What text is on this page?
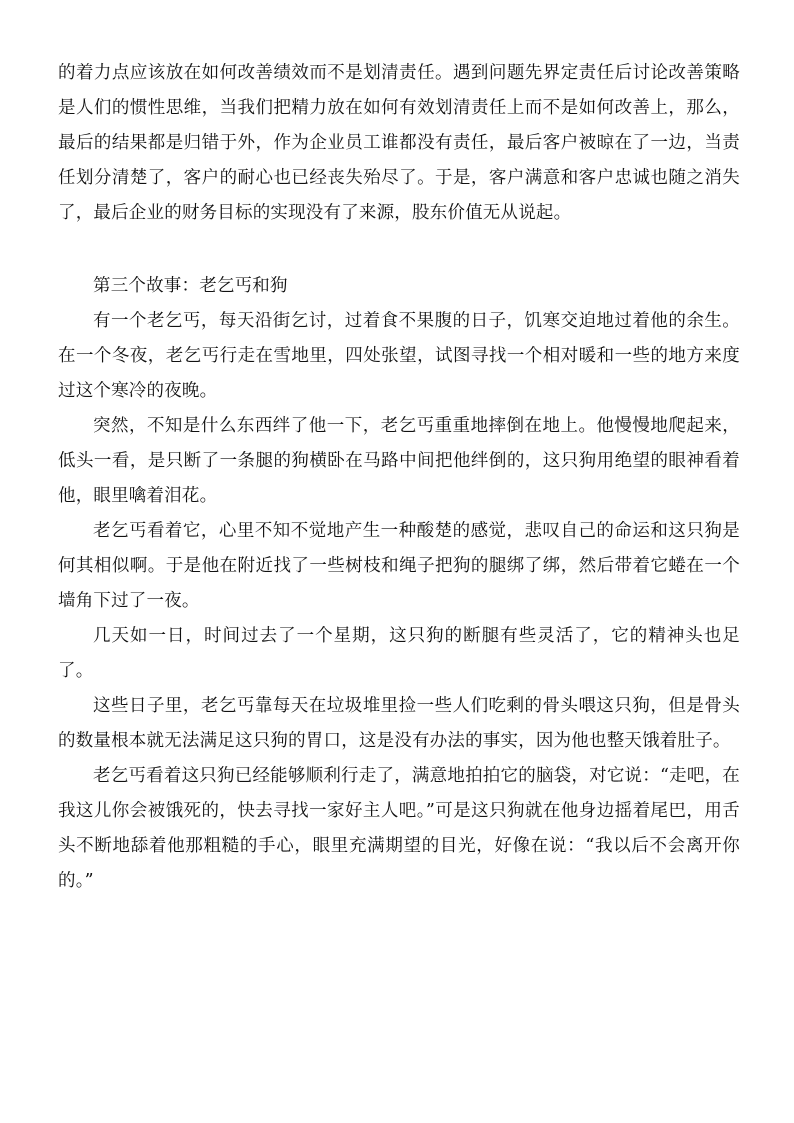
的着力点应该放在如何改善绩效而不是划清责任。遇到问题先界定责任后讨论改善策略是人们的惯性思维，当我们把精力放在如何有效划清责任上而不是如何改善上，那么，最后的结果都是归错于外，作为企业员工谁都没有责任，最后客户被晾在了一边，当责任划分清楚了，客户的耐心也已经丧失殆尽了。于是，客户满意和客户忠诚也随之消失了，最后企业的财务目标的实现没有了来源，股东价值无从说起。

第三个故事：老乞丐和狗

有一个老乞丐，每天沿街乞讨，过着食不果腹的日子，饥寒交迫地过着他的余生。在一个冬夜，老乞丐行走在雪地里，四处张望，试图寻找一个相对暖和一些的地方来度过这个寒冷的夜晚。

突然，不知是什么东西绊了他一下，老乞丐重重地摔倒在地上。他慢慢地爬起来，低头一看，是只断了一条腿的狗横卧在马路中间把他绊倒的，这只狗用绝望的眼神看着他，眼里噙着泪花。

老乞丐看着它，心里不知不觉地产生一种酸楚的感觉，悲叹自己的命运和这只狗是何其相似啊。于是他在附近找了一些树枝和绳子把狗的腿绑了绑，然后带着它蜷在一个墙角下过了一夜。

几天如一日，时间过去了一个星期，这只狗的断腿有些灵活了，它的精神头也足了。

这些日子里，老乞丐靠每天在垃圾堆里捡一些人们吃剩的骨头喂这只狗，但是骨头的数量根本就无法满足这只狗的胃口，这是没有办法的事实，因为他也整天饿着肚子。

老乞丐看着这只狗已经能够顺利行走了，满意地拍拍它的脑袋，对它说：“走吧，在我这儿你会被饿死的，快去寻找一家好主人吧。”可是这只狗就在他身边摇着尾巴，用舌头不断地舔着他那粗糙的手心，眼里充满期望的目光，好像在说：“我以后不会离开你的。”
